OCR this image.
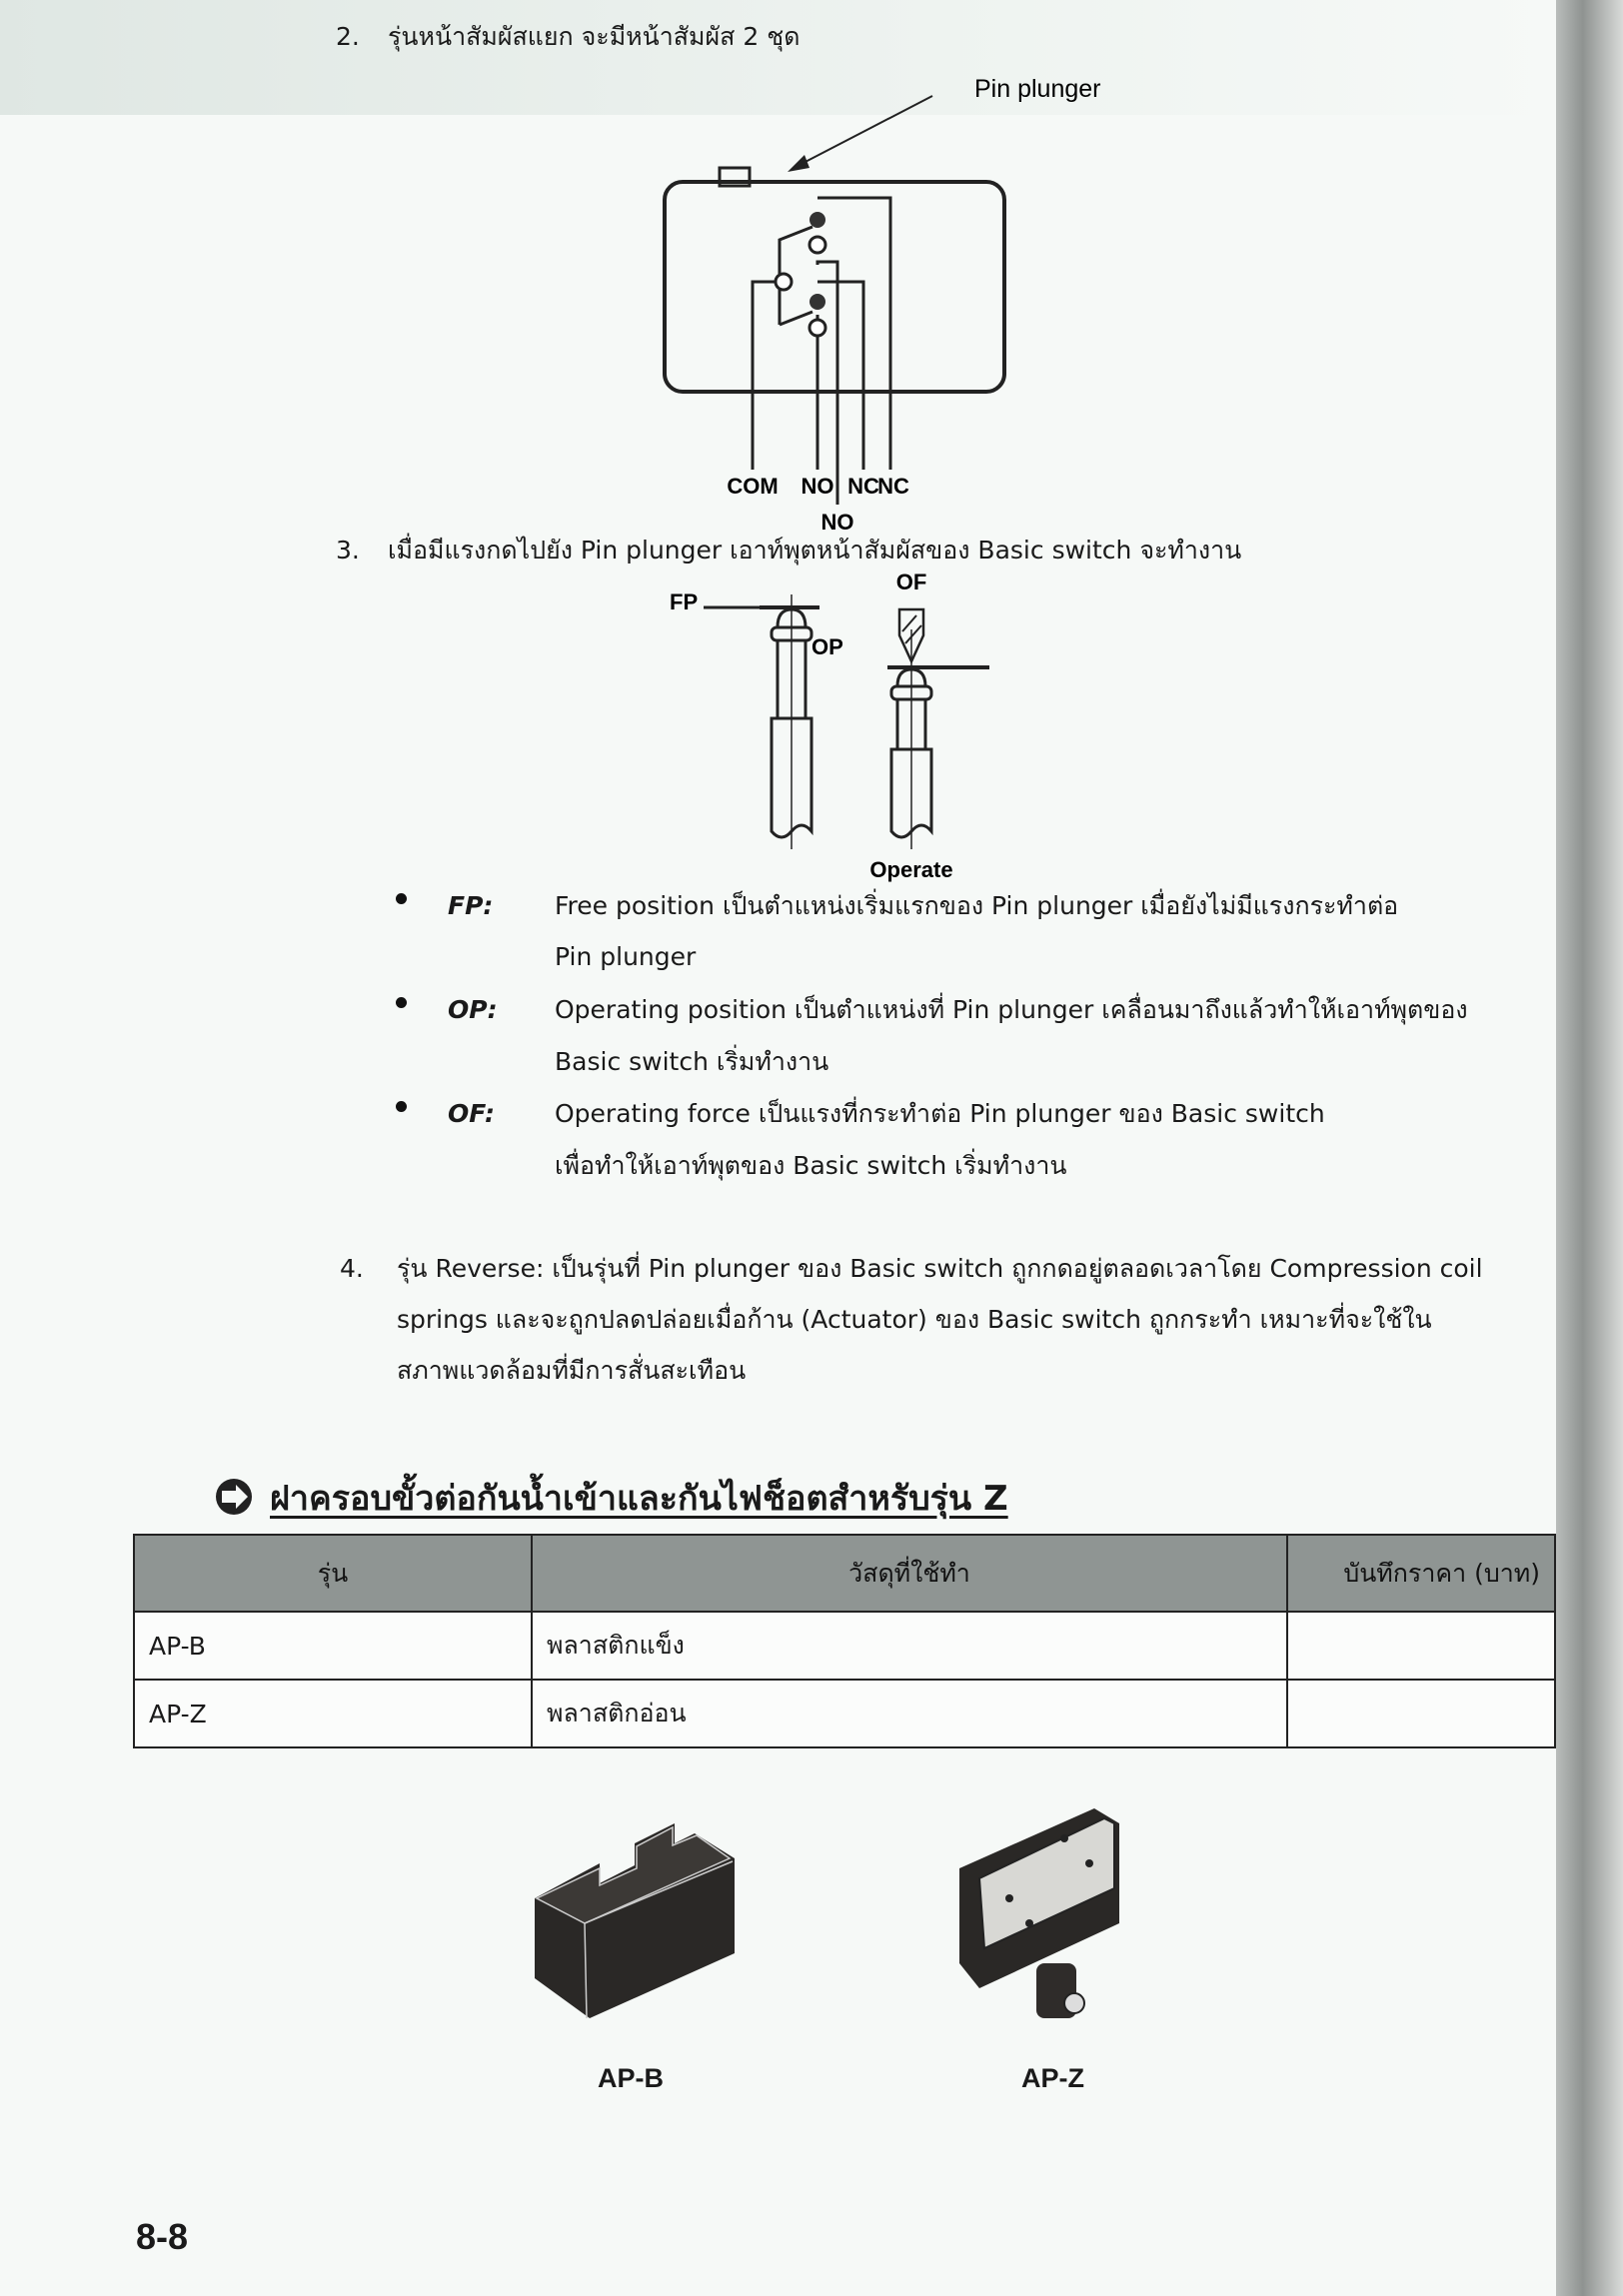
2. รุ่นหน้าสัมผัสแยก จะมีหน้าสัมผัส 2 ชุด
Pin plunger
COM NO NC
NC
NO
3. เมื่อมีแรงกดไปยัง Pin plunger เอาท์พุตหน้าสัมผัสของ Basic switch จะทำงาน
FP
OP
OF
Operate
FP: Free position เป็นตำแหน่งเริ่มแรกของ Pin plunger เมื่อยังไม่มีแรงกระทำต่อ
Pin plunger
OP: Operating position เป็นตำแหน่งที่ Pin plunger เคลื่อนมาถึงแล้วทำให้เอาท์พุตของ
Basic switch เริ่มทำงาน
OF: Operating force เป็นแรงที่กระทำต่อ Pin plunger ของ Basic switch
เพื่อทำให้เอาท์พุตของ Basic switch เริ่มทำงาน
4. รุ่น Reverse: เป็นรุ่นที่ Pin plunger ของ Basic switch ถูกกดอยู่ตลอดเวลาโดย Compression coil
springs และจะถูกปลดปล่อยเมื่อก้าน (Actuator) ของ Basic switch ถูกกระทำ เหมาะที่จะใช้ใน
สภาพแวดล้อมที่มีการสั่นสะเทือน
ฝาครอบขั้วต่อกันน้ำเข้าและกันไฟช็อตสำหรับรุ่น Z
รุ่น	วัสดุที่ใช้ทำ	บันทึกราคา (บาท)
AP-B	พลาสติกแข็ง	
AP-Z	พลาสติกอ่อน	
AP-B	AP-Z
8-8
